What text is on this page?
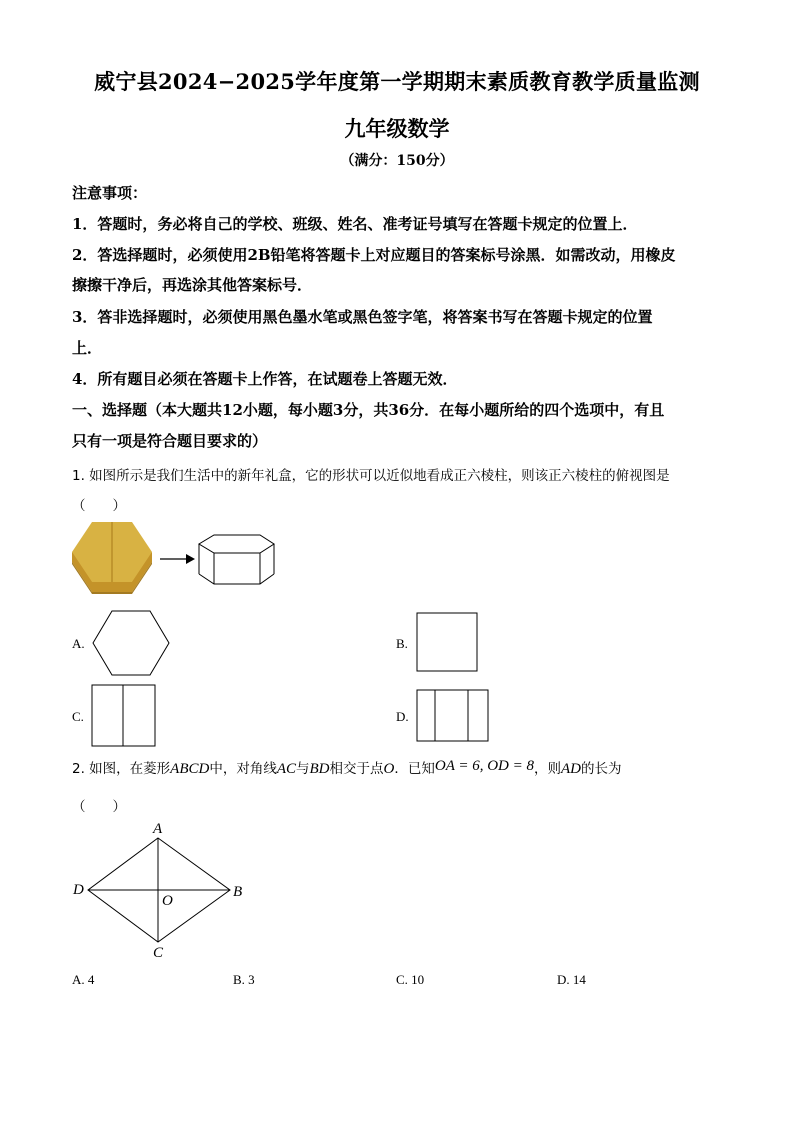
威宁县2024−2025学年度第一学期期末素质教育教学质量监测
九年级数学
（满分：150分）
注意事项：
1．答题时，务必将自己的学校、班级、姓名、准考证号填写在答题卡规定的位置上．
2．答选择题时，必须使用2B铅笔将答题卡上对应题目的答案标号涂黑．如需改动，用橡皮
擦擦干净后，再选涂其他答案标号．
3．答非选择题时，必须使用黑色墨水笔或黑色签字笔，将答案书写在答题卡规定的位置
上．
4．所有题目必须在答题卡上作答，在试题卷上答题无效．
一、选择题（本大题共12小题，每小题3分，共36分．在每小题所给的四个选项中，有且
只有一项是符合题目要求的）
1. 如图所示是我们生活中的新年礼盒，它的形状可以近似地看成正六棱柱，则该正六棱柱的俯视图是
（　　）
A.	B.
C.	D.
2. 如图，在菱形 ABCD 中，对角线 AC 与 BD 相交于点 O ．已知 OA = 6, OD = 8 ，则 AD 的长为
（　　）
A
B
C
D
O
A. 4	B. 3	C. 10	D. 14
